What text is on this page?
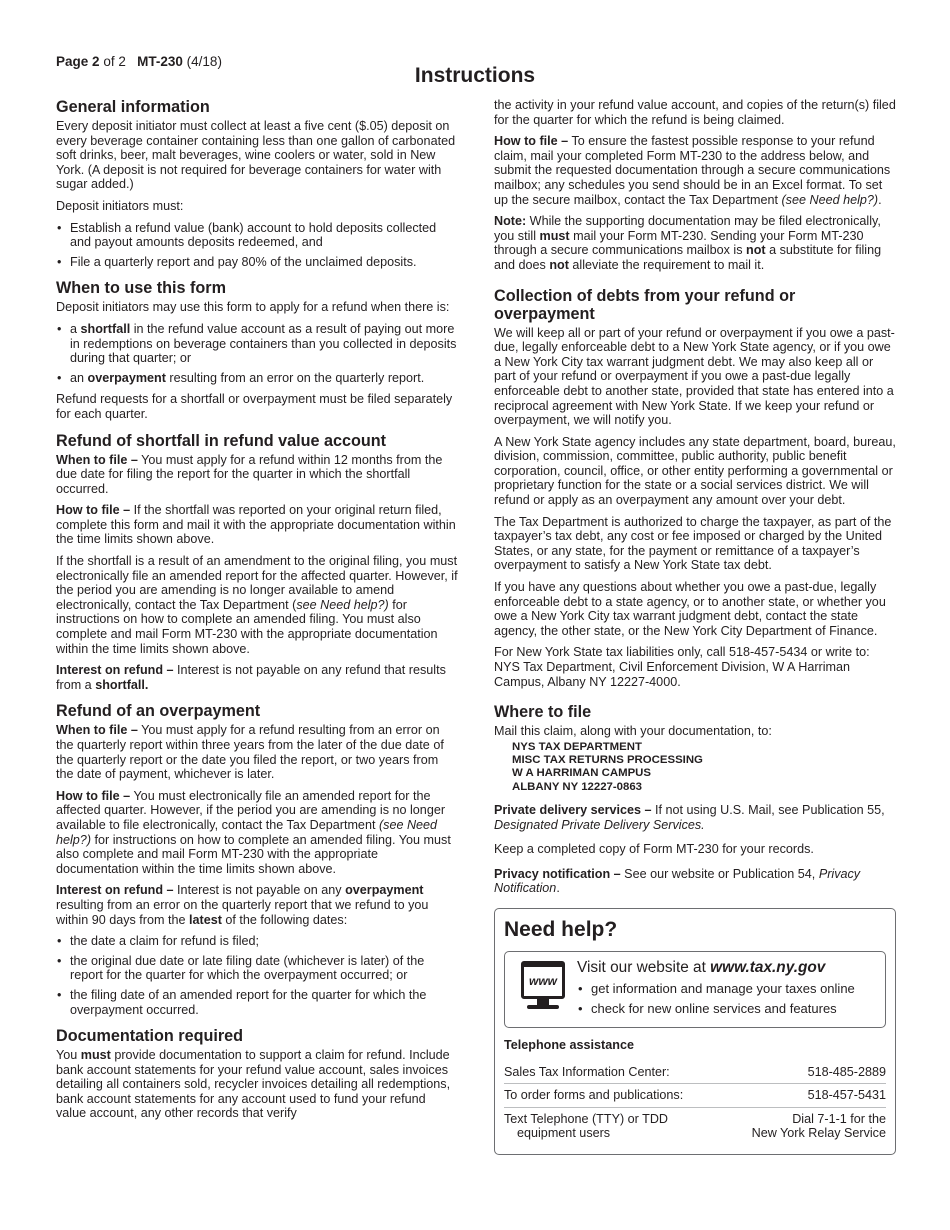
Page 2 of 2 MT-230 (4/18)
Instructions
General information

Every deposit initiator must collect at least a five cent ($.05) deposit on every beverage container containing less than one gallon of carbonated soft drinks, beer, malt beverages, wine coolers or water, sold in New York. (A deposit is not required for beverage containers for water with sugar added.)

Deposit initiators must:

• Establish a refund value (bank) account to hold deposits collected and payout amounts deposits redeemed, and
• File a quarterly report and pay 80% of the unclaimed deposits.
When to use this form

Deposit initiators may use this form to apply for a refund when there is:

• a shortfall in the refund value account as a result of paying out more in redemptions on beverage containers than you collected in deposits during that quarter; or
• an overpayment resulting from an error on the quarterly report.

Refund requests for a shortfall or overpayment must be filed separately for each quarter.

Refund of shortfall in refund value account

When to file – You must apply for a refund within 12 months from the due date for filing the report for the quarter in which the shortfall occurred.

How to file – If the shortfall was reported on your original return filed, complete this form and mail it with the appropriate documentation within the time limits shown above.

If the shortfall is a result of an amendment to the original filing, you must electronically file an amended report for the affected quarter. However, if the period you are amending is no longer available to amend electronically, contact the Tax Department (see Need help?) for instructions on how to complete an amended filing. You must also complete and mail Form MT-230 with the appropriate documentation within the time limits shown above.

Interest on refund – Interest is not payable on any refund that results from a shortfall.

Refund of an overpayment

When to file – You must apply for a refund resulting from an error on the quarterly report within three years from the later of the due date of the quarterly report or the date you filed the report, or two years from the date of payment, whichever is later.

How to file – You must electronically file an amended report for the affected quarter. However, if the period you are amending is no longer available to file electronically, contact the Tax Department (see Need help?) for instructions on how to complete an amended filing. You must also complete and mail Form MT-230 with the appropriate documentation within the time limits shown above.

Interest on refund – Interest is not payable on any overpayment resulting from an error on the quarterly report that we refund to you within 90 days from the latest of the following dates:

• the date a claim for refund is filed;
• the original due date or late filing date (whichever is later) of the report for the quarter for which the overpayment occurred; or
• the filing date of an amended report for the quarter for which the overpayment occurred.
Documentation required

You must provide documentation to support a claim for refund. Include bank account statements for your refund value account, sales invoices detailing all containers sold, recycler invoices detailing all redemptions, bank account statements for any account used to fund your refund value account, any other records that verify

the activity in your refund value account, and copies of the return(s) filed for the quarter for which the refund is being claimed.

How to file – To ensure the fastest possible response to your refund claim, mail your completed Form MT-230 to the address below, and submit the requested documentation through a secure communications mailbox; any schedules you send should be in an Excel format. To set up the secure mailbox, contact the Tax Department (see Need help?).

Note: While the supporting documentation may be filed electronically, you still must mail your Form MT-230. Sending your Form MT-230 through a secure communications mailbox is not a substitute for filing and does not alleviate the requirement to mail it.

Collection of debts from your refund or overpayment

We will keep all or part of your refund or overpayment if you owe a past-due, legally enforceable debt to a New York State agency, or if you owe a New York City tax warrant judgment debt. We may also keep all or part of your refund or overpayment if you owe a past-due legally enforceable debt to another state, provided that state has entered into a reciprocal agreement with New York State. If we keep your refund or overpayment, we will notify you.

A New York State agency includes any state department, board, bureau, division, commission, committee, public authority, public benefit corporation, council, office, or other entity performing a governmental or proprietary function for the state or a social services district. We will refund or apply as an overpayment any amount over your debt.

The Tax Department is authorized to charge the taxpayer, as part of the taxpayer’s tax debt, any cost or fee imposed or charged by the United States, or any state, for the payment or remittance of a taxpayer’s overpayment to satisfy a New York State tax debt.

If you have any questions about whether you owe a past-due, legally enforceable debt to a state agency, or to another state, or whether you owe a New York City tax warrant judgment debt, contact the state agency, the other state, or the New York City Department of Finance.

For New York State tax liabilities only, call 518-457-5434 or write to: NYS Tax Department, Civil Enforcement Division, W A Harriman Campus, Albany NY 12227-4000.

Where to file

Mail this claim, along with your documentation, to:

NYS TAX DEPARTMENT
MISC TAX RETURNS PROCESSING
W A HARRIMAN CAMPUS
ALBANY NY 12227-0863

Private delivery services – If not using U.S. Mail, see Publication 55, Designated Private Delivery Services.

Keep a completed copy of Form MT-230 for your records.

Privacy notification – See our website or Publication 54, Privacy Notification.

Need help?
www
Visit our website at www.tax.ny.gov
• get information and manage your taxes online
• check for new online services and features
Telephone assistance
Sales Tax Information Center:	518-485-2889
To order forms and publications:	518-457-5431
Text Telephone (TTY) or TDD
equipment users
Dial 7-1-1 for the
New York Relay Service
